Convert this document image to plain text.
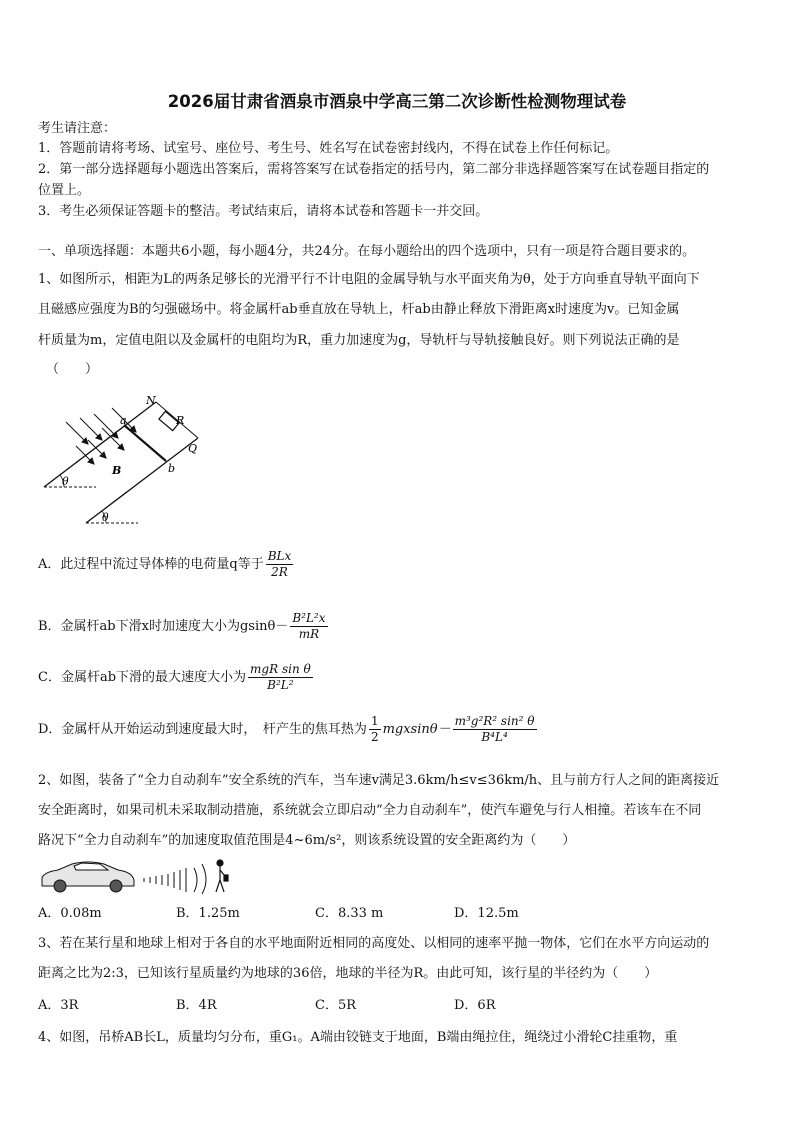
2026届甘肃省酒泉市酒泉中学高三第二次诊断性检测物理试卷
考生请注意：
1．答题前请将考场、试室号、座位号、考生号、姓名写在试卷密封线内，不得在试卷上作任何标记。
2．第一部分选择题每小题选出答案后，需将答案写在试卷指定的括号内，第二部分非选择题答案写在试卷题目指定的
位置上。
3．考生必须保证答题卡的整洁。考试结束后，请将本试卷和答题卡一并交回。
一、单项选择题：本题共6小题，每小题4分，共24分。在每小题给出的四个选项中，只有一项是符合题目要求的。
1、如图所示，相距为L的两条足够长的光滑平行不计电阻的金属导轨与水平面夹角为θ，处于方向垂直导轨平面向下
且磁感应强度为B的匀强磁场中。将金属杆ab垂直放在导轨上，杆ab由静止释放下滑距离x时速度为v。已知金属
杆质量为m，定值电阻以及金属杆的电阻均为R，重力加速度为g，导轨杆与导轨接触良好。则下列说法正确的是
（　　）
N
a	R
Q
B	b
θ
θ
A．此过程中流过导体棒的电荷量q等于 $\frac{\text{BLx}}{2R}$
B．金属杆ab下滑x时加速度大小为$gsin\theta- \frac{\text{B²L²x}}{mR}$
C．金属杆ab下滑的最大速度大小为 $\frac{\text{mgR sin θ}}{\text{B²L²}}$
D．金属杆从开始运动到速度最大时，　杆产生的焦耳热为 $\frac{1}{2} mgxsin\theta- \frac{\text{m³g²R² sin² θ}}{\text{B⁴L⁴}}$
2、如图，装备了“全力自动刹车”安全系统的汽车，当车速v满足3.6km/h≤v≤36km/h、且与前方行人之间的距离接近
安全距离时，如果司机未采取制动措施，系统就会立即启动“全力自动刹车”，使汽车避免与行人相撞。若该车在不同
路况下“全力自动刹车”的加速度取值范围是4~6m/s²，则该系统设置的安全距离约为（　　）
A．0.08m	B．1.25m	C．8.33 m	D．12.5m
3、若在某行星和地球上相对于各自的水平地面附近相同的高度处、以相同的速率平抛一物体，它们在水平方向运动的
距离之比为2:3，已知该行星质量约为地球的36倍，地球的半径为R。由此可知，该行星的半径约为（　　）
A．3R	B．4R	C．5R	D．6R
4、如图，吊桥AB长L，质量均匀分布，重G₁。A端由铰链支于地面，B端由绳拉住，绳绕过小滑轮C挂重物，重
